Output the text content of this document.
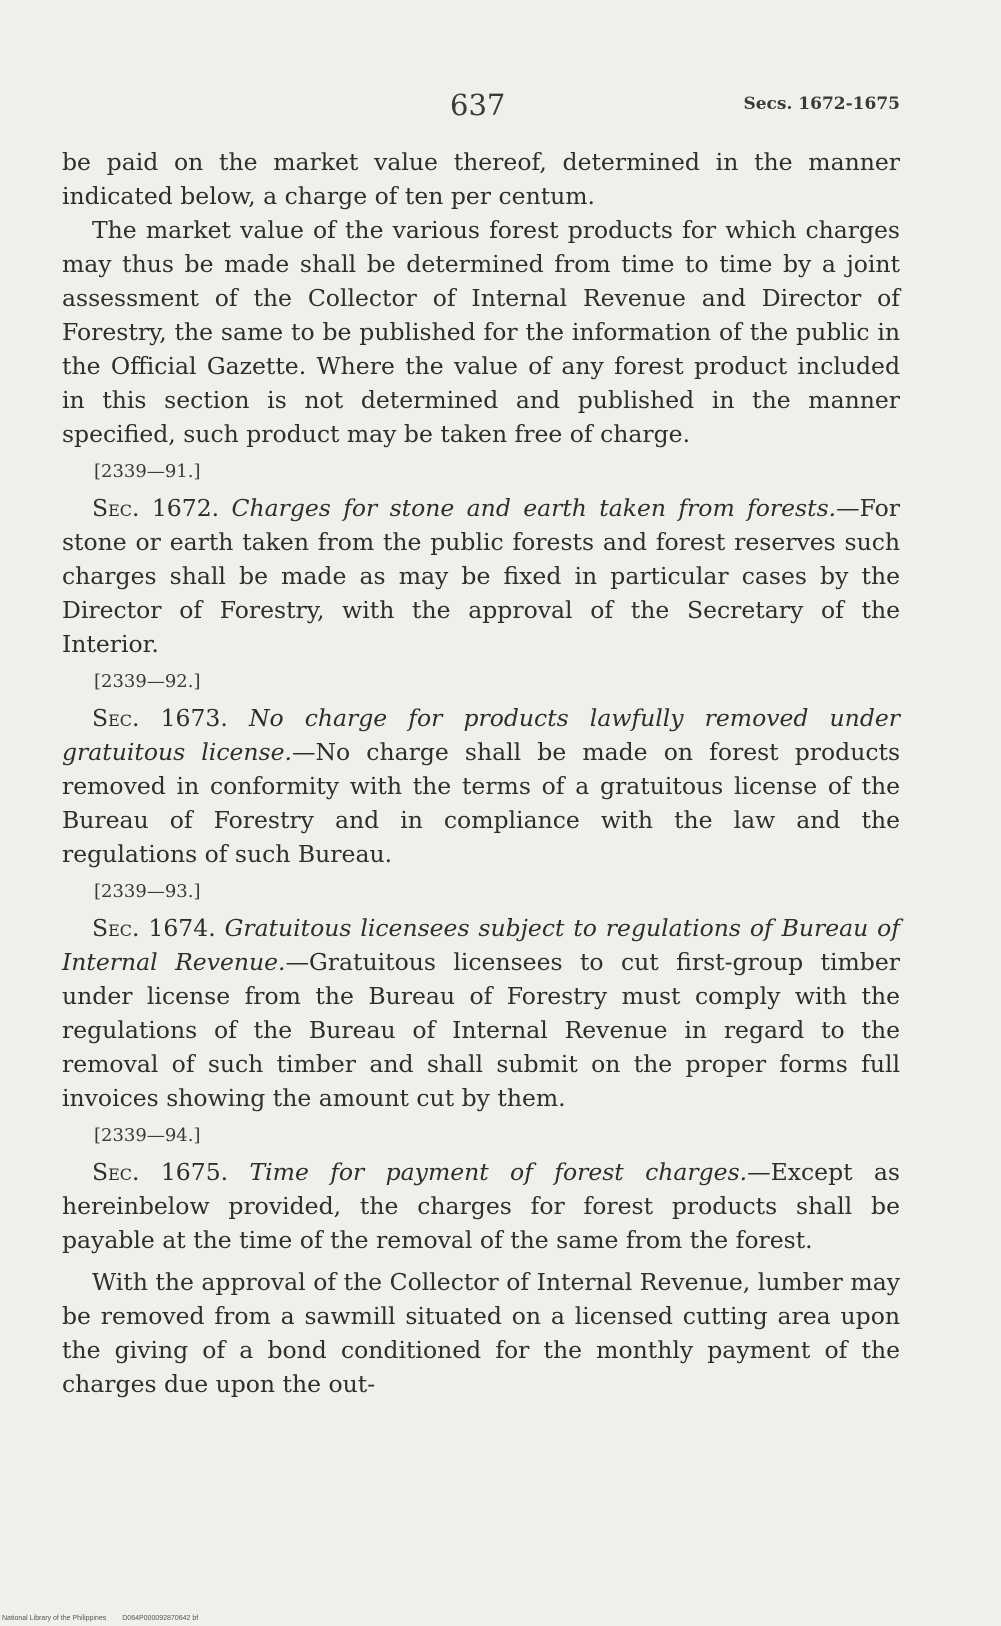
637	Secs. 1672-1675

be paid on the market value thereof, determined in the manner indicated below, a charge of ten per centum.

The market value of the various forest products for which charges may thus be made shall be determined from time to time by a joint assessment of the Collector of Internal Revenue and Director of Forestry, the same to be published for the information of the public in the Official Gazette. Where the value of any forest product included in this section is not determined and published in the manner specified, such product may be taken free of charge.

[2339—91.]

Sec. 1672. Charges for stone and earth taken from forests.—For stone or earth taken from the public forests and forest reserves such charges shall be made as may be fixed in particular cases by the Director of Forestry, with the approval of the Secretary of the Interior.

[2339—92.]

Sec. 1673. No charge for products lawfully removed under gratuitous license.—No charge shall be made on forest products removed in conformity with the terms of a gratuitous license of the Bureau of Forestry and in compliance with the law and the regulations of such Bureau.

[2339—93.]

Sec. 1674. Gratuitous licensees subject to regulations of Bureau of Internal Revenue.—Gratuitous licensees to cut first-group timber under license from the Bureau of Forestry must comply with the regulations of the Bureau of Internal Revenue in regard to the removal of such timber and shall submit on the proper forms full invoices showing the amount cut by them.

[2339—94.]

Sec. 1675. Time for payment of forest charges.—Except as hereinbelow provided, the charges for forest products shall be payable at the time of the removal of the same from the forest.

With the approval of the Collector of Internal Revenue, lumber may be removed from a sawmill situated on a licensed cutting area upon the giving of a bond conditioned for the monthly payment of the charges due upon the out-

National Library of the Philippines D064P000092870642 bf
